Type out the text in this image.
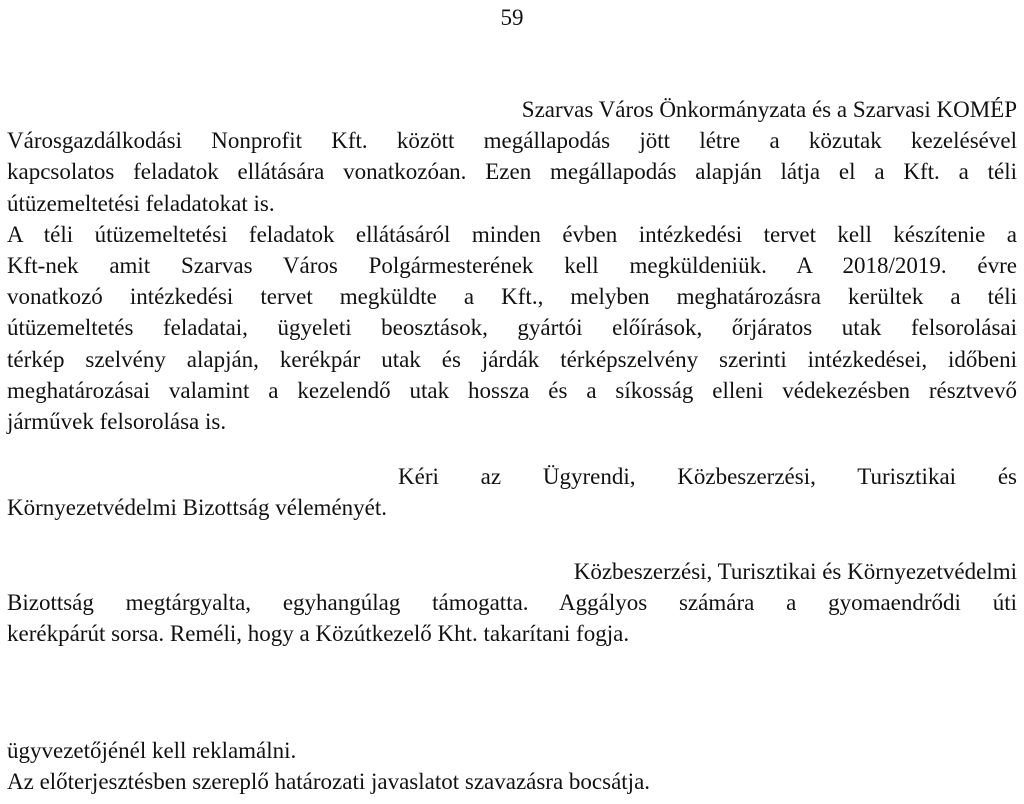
59
Szarvas Város Önkormányzata és a Szarvasi KOMÉP
Városgazdálkodási Nonprofit Kft. között megállapodás jött létre a közutak kezelésével
kapcsolatos feladatok ellátására vonatkozóan. Ezen megállapodás alapján látja el a Kft. a téli
útüzemeltetési feladatokat is.
A téli útüzemeltetési feladatok ellátásáról minden évben intézkedési tervet kell készítenie a
Kft-nek amit Szarvas Város Polgármesterének kell megküldeniük. A 2018/2019. évre
vonatkozó intézkedési tervet megküldte a Kft., melyben meghatározásra kerültek a téli
útüzemeltetés feladatai, ügyeleti beosztások, gyártói előírások, őrjáratos utak felsorolásai
térkép szelvény alapján, kerékpár utak és járdák térképszelvény szerinti intézkedései, időbeni
meghatározásai valamint a kezelendő utak hossza és a síkosság elleni védekezésben résztvevő
járművek felsorolása is.
Kéri az Ügyrendi, Közbeszerzési, Turisztikai és
Környezetvédelmi Bizottság véleményét.
Közbeszerzési, Turisztikai és Környezetvédelmi
Bizottság megtárgyalta, egyhangúlag támogatta. Aggályos számára a gyomaendrődi úti
kerékpárút sorsa. Reméli, hogy a Közútkezelő Kht. takarítani fogja.
ügyvezetőjénél kell reklamálni.
Az előterjesztésben szereplő határozati javaslatot szavazásra bocsátja.
